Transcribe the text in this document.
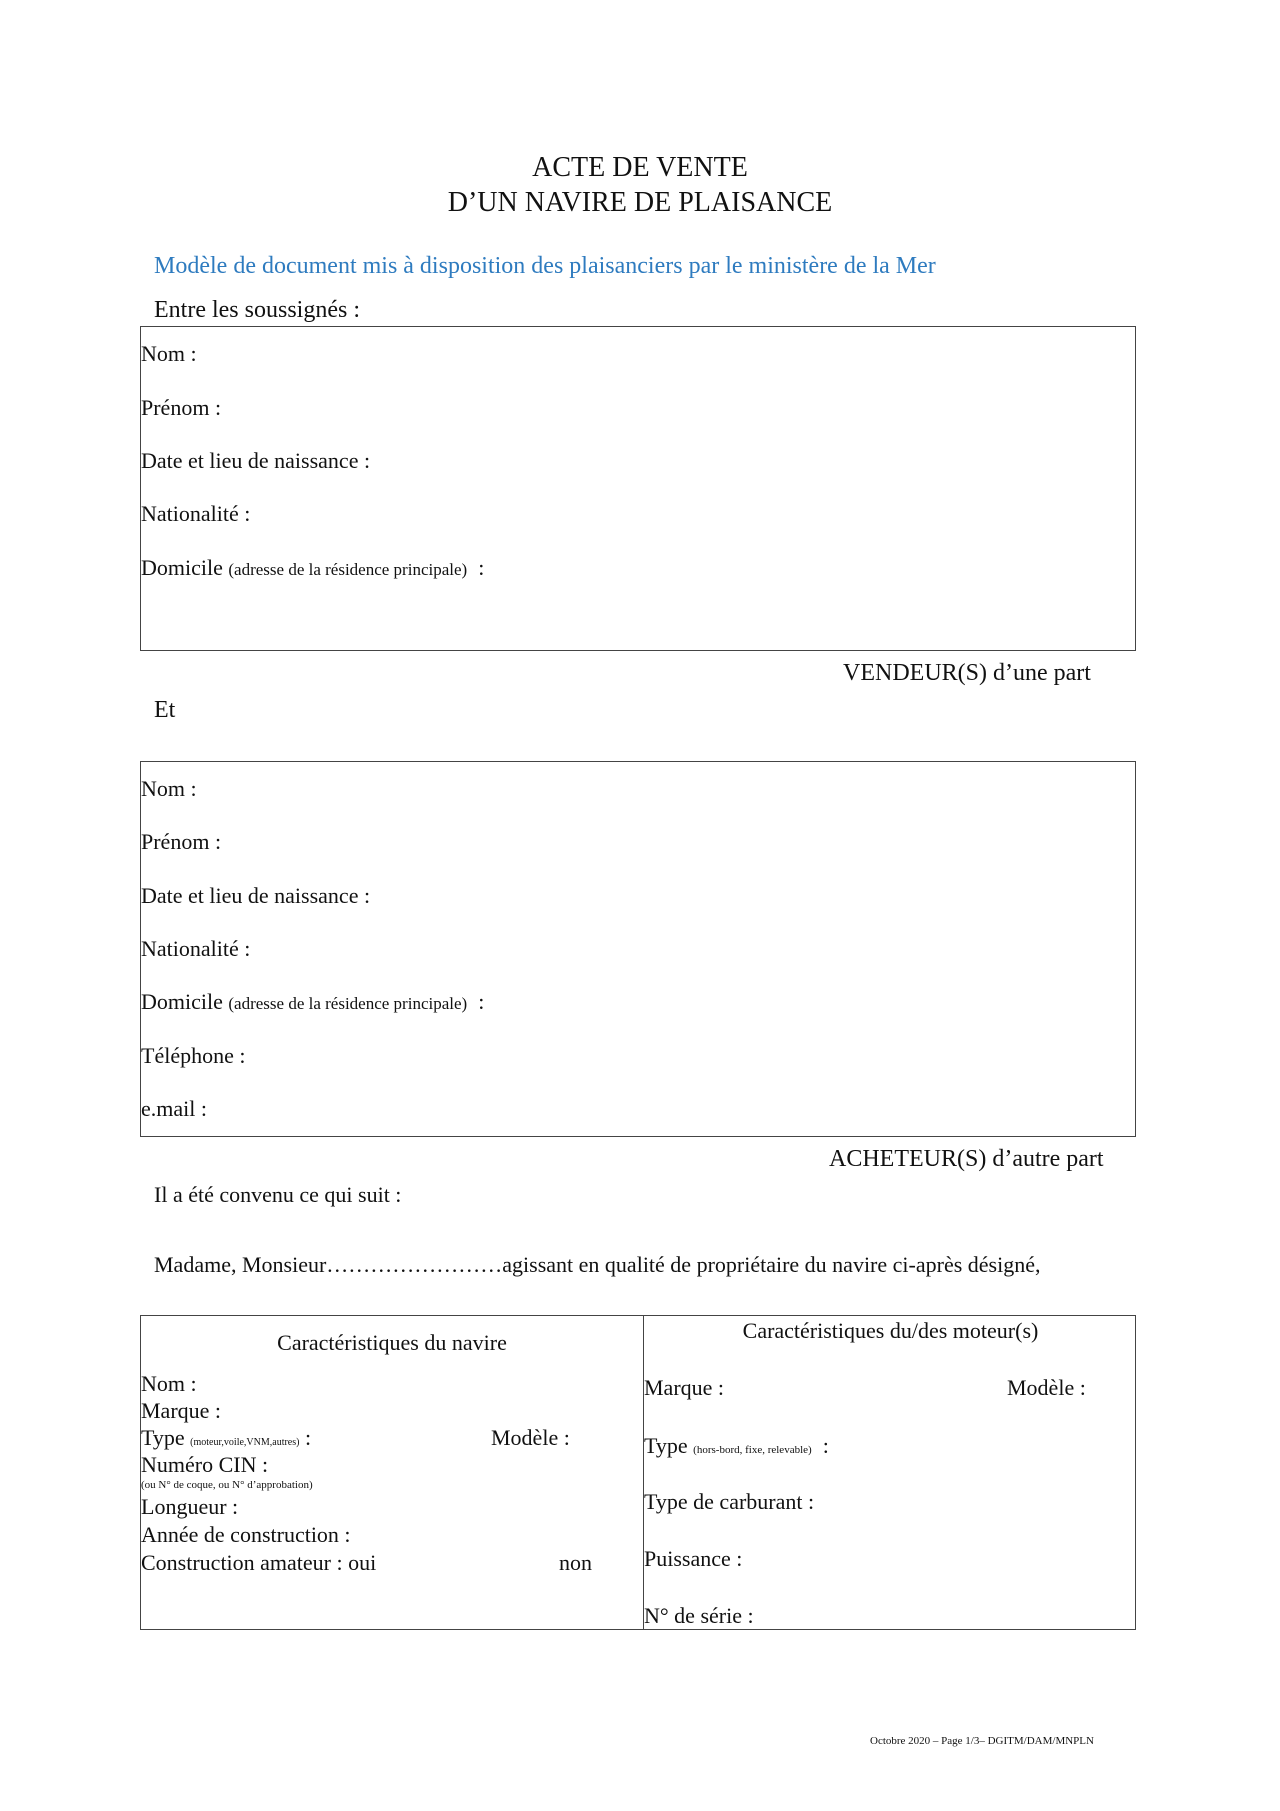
ACTE DE VENTE
D’UN NAVIRE DE PLAISANCE
Modèle de document mis à disposition des plaisanciers par le ministère de la Mer
Entre les soussignés :
Nom :
Prénom :
Date et lieu de naissance :
Nationalité :
Domicile (adresse de la résidence principale) :
VENDEUR(S) d’une part
Et
Nom :
Prénom :
Date et lieu de naissance :
Nationalité :
Domicile (adresse de la résidence principale) :
Téléphone :
e.mail :
ACHETEUR(S) d’autre part
Il a été convenu ce qui suit :
Madame, Monsieur……………………agissant en qualité de propriétaire du navire ci-après désigné,
Caractéristiques du navire
Nom :
Marque :
Type (moteur,voile,VNM,autres) :	Modèle :
Numéro CIN :
(ou N° de coque, ou N° d’approbation)
Longueur :
Année de construction :
Construction amateur : oui	non
Caractéristiques du/des moteur(s)
Marque :	Modèle :
Type (hors-bord, fixe, relevable) :
Type de carburant :
Puissance :
N° de série :
Octobre 2020 – Page 1/3– DGITM/DAM/MNPLN
